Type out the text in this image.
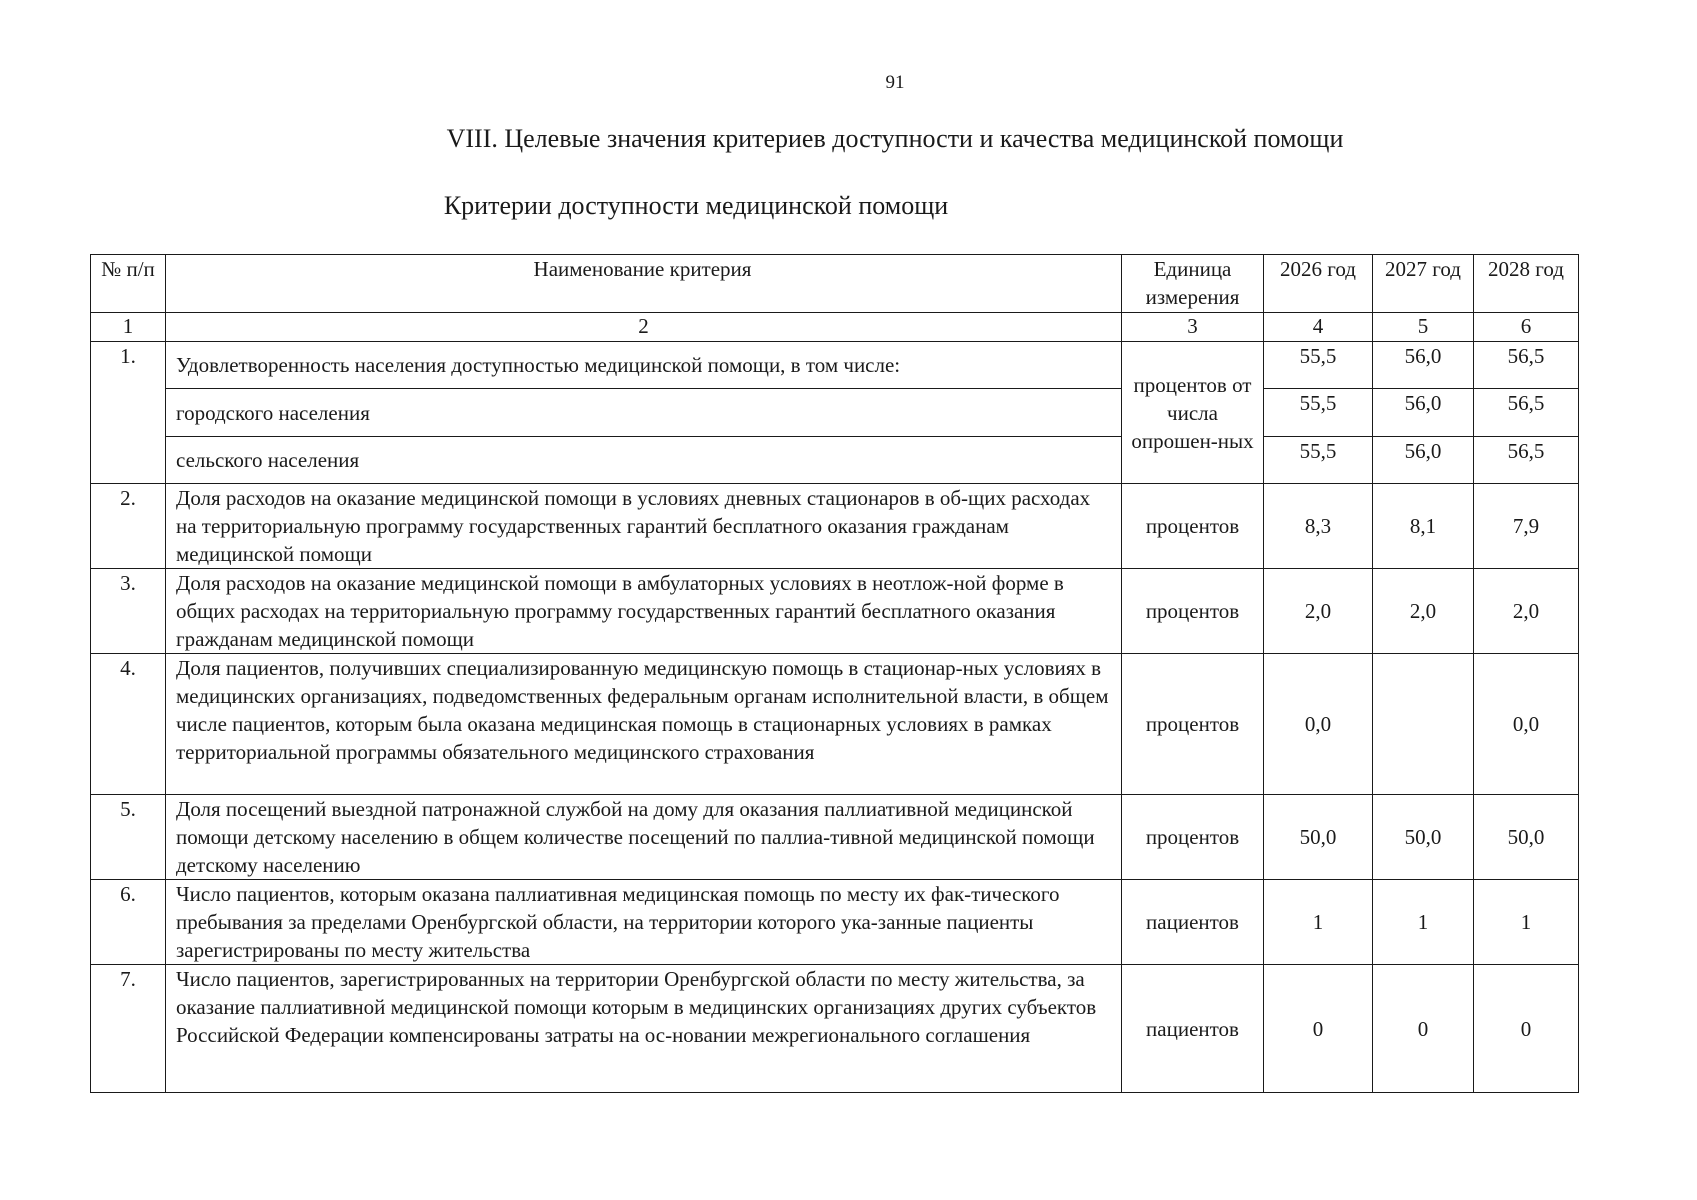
91
VIII. Целевые значения критериев доступности и качества медицинской помощи
Критерии доступности медицинской помощи
№ п/п	Наименование критерия	Единица измерения	2026 год	2027 год	2028 год
1	2	3	4	5	6
1.	Удовлетворенность населения доступностью медицинской помощи, в том числе:	процентов от числа опрошен-ных	55,5	56,0	56,5
	городского населения		55,5	56,0	56,5
	сельского населения		55,5	56,0	56,5
2.	Доля расходов на оказание медицинской помощи в условиях дневных стационаров в об-щих расходах на территориальную программу государственных гарантий бесплатного оказания гражданам медицинской помощи	процентов	8,3	8,1	7,9
3.	Доля расходов на оказание медицинской помощи в амбулаторных условиях в неотлож-ной форме в общих расходах на территориальную программу государственных гарантий бесплатного оказания гражданам медицинской помощи	процентов	2,0	2,0	2,0
4.	Доля пациентов, получивших специализированную медицинскую помощь в стационар-ных условиях в медицинских организациях, подведомственных федеральным органам исполнительной власти, в общем числе пациентов, которым была оказана медицинская помощь в стационарных условиях в рамках территориальной программы обязательного медицинского страхования	процентов	0,0		0,0
5.	Доля посещений выездной патронажной службой на дому для оказания паллиативной медицинской помощи детскому населению в общем количестве посещений по паллиа-тивной медицинской помощи детскому населению	процентов	50,0	50,0	50,0
6.	Число пациентов, которым оказана паллиативная медицинская помощь по месту их фак-тического пребывания за пределами Оренбургской области, на территории которого ука-занные пациенты зарегистрированы по месту жительства	пациентов	1	1	1
7.	Число пациентов, зарегистрированных на территории Оренбургской области по месту жительства, за оказание паллиативной медицинской помощи которым в медицинских организациях других субъектов Российской Федерации компенсированы затраты на ос-новании межрегионального соглашения	пациентов	0	0	0
